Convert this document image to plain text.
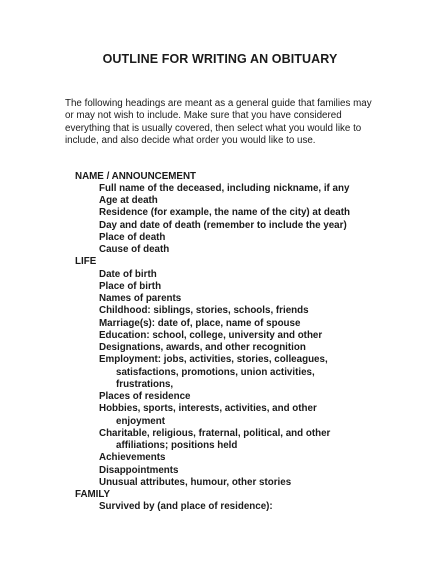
OUTLINE FOR WRITING AN OBITUARY

The following headings are meant as a general guide that families may or may not wish to include. Make sure that you have considered everything that is usually covered, then select what you would like to include, and also decide what order you would like to use.

NAME / ANNOUNCEMENT
Full name of the deceased, including nickname, if any
Age at death
Residence (for example, the name of the city) at death
Day and date of death (remember to include the year)
Place of death
Cause of death
LIFE
Date of birth
Place of birth
Names of parents
Childhood: siblings, stories, schools, friends
Marriage(s): date of, place, name of spouse
Education: school, college, university and other
Designations, awards, and other recognition
Employment: jobs, activities, stories, colleagues,
satisfactions, promotions, union activities,
frustrations,
Places of residence
Hobbies, sports, interests, activities, and other
enjoyment
Charitable, religious, fraternal, political, and other
affiliations; positions held
Achievements
Disappointments
Unusual attributes, humour, other stories
FAMILY
Survived by (and place of residence):
